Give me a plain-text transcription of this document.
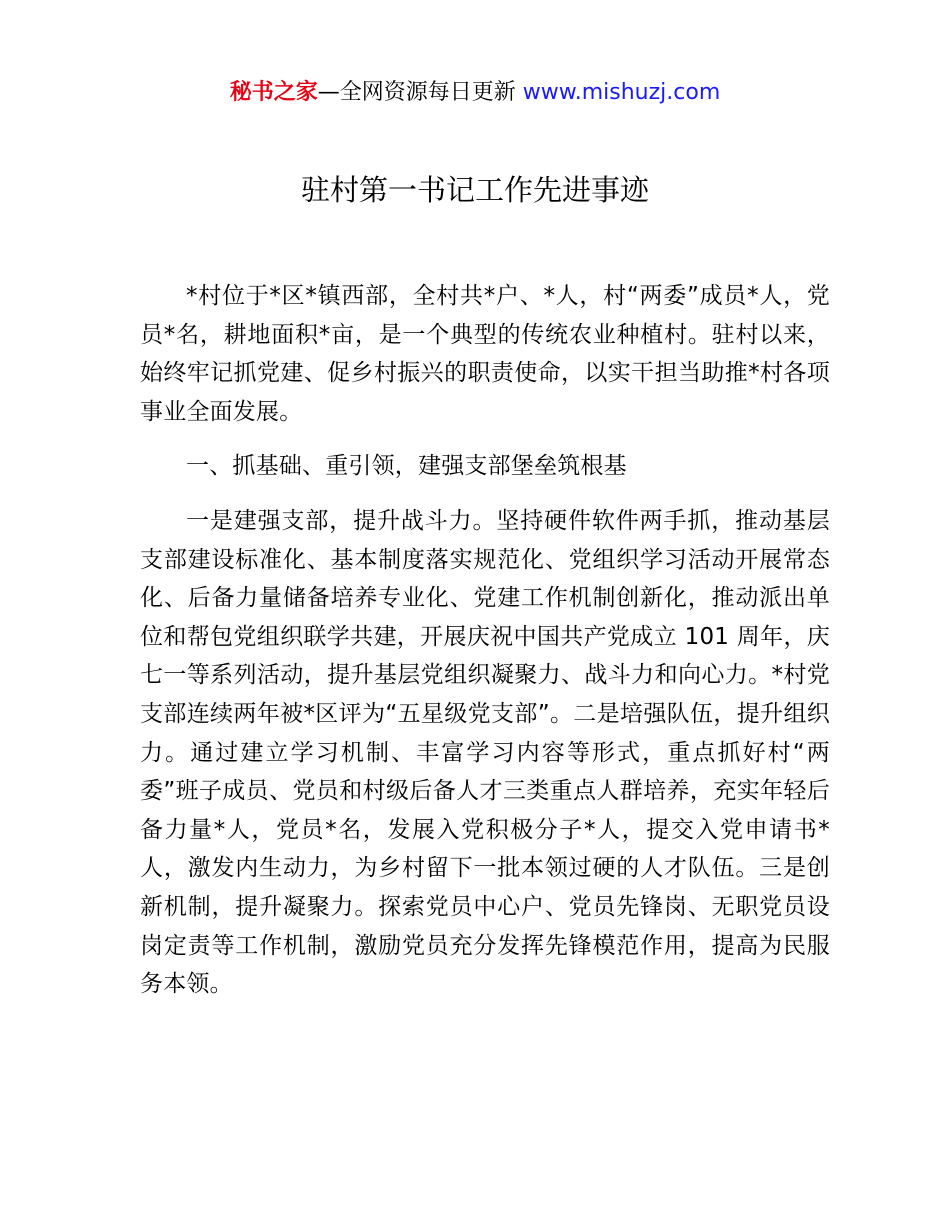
秘书之家—全网资源每日更新 www.mishuzj.com
驻村第一书记工作先进事迹

*村位于*区*镇西部，全村共*户、*人，村“两委”成员*人，党员*名，耕地面积*亩，是一个典型的传统农业种植村。驻村以来，始终牢记抓党建、促乡村振兴的职责使命，以实干担当助推*村各项事业全面发展。

一、抓基础、重引领，建强支部堡垒筑根基

一是建强支部，提升战斗力。坚持硬件软件两手抓，推动基层支部建设标准化、基本制度落实规范化、党组织学习活动开展常态化、后备力量储备培养专业化、党建工作机制创新化，推动派出单位和帮包党组织联学共建，开展庆祝中国共产党成立 101 周年，庆七一等系列活动，提升基层党组织凝聚力、战斗力和向心力。*村党支部连续两年被*区评为“五星级党支部”。二是培强队伍，提升组织力。通过建立学习机制、丰富学习内容等形式，重点抓好村“两委”班子成员、党员和村级后备人才三类重点人群培养，充实年轻后备力量*人，党员*名，发展入党积极分子*人，提交入党申请书*人，激发内生动力，为乡村留下一批本领过硬的人才队伍。三是创新机制，提升凝聚力。探索党员中心户、党员先锋岗、无职党员设岗定责等工作机制，激励党员充分发挥先锋模范作用，提高为民服务本领。
